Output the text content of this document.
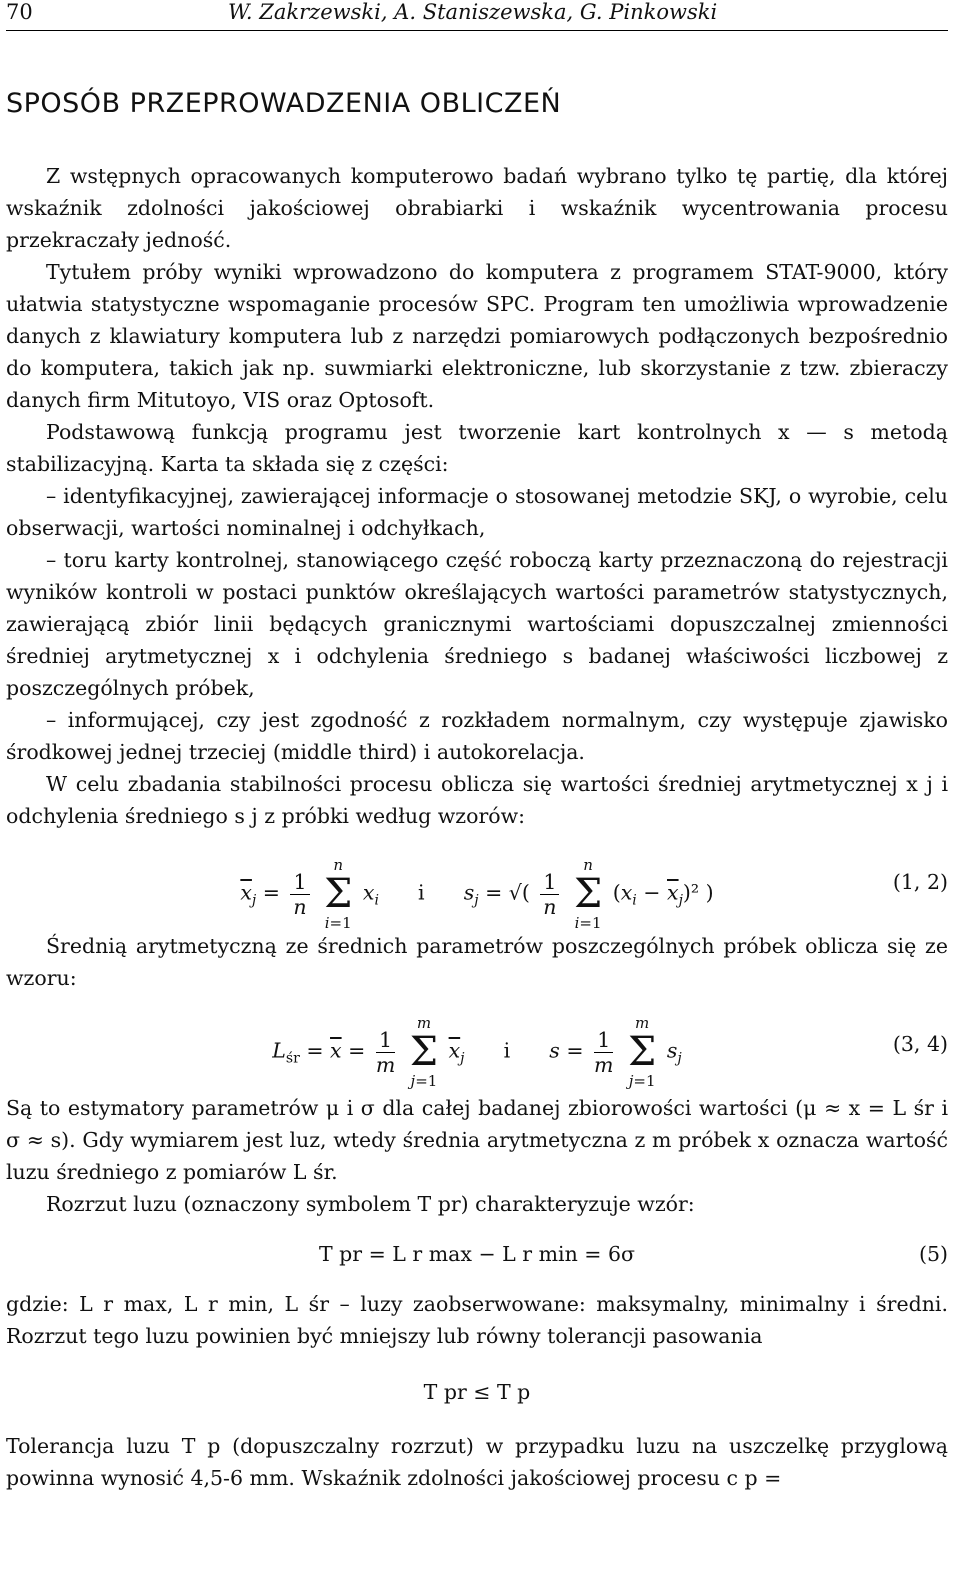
70	W. Zakrzewski, A. Staniszewska, G. Pinkowski
SPOSÓB PRZEPROWADZENIA OBLICZEŃ

Z wstępnych opracowanych komputerowo badań wybrano tylko tę partię, dla której wskaźnik zdolności jakościowej obrabiarki i wskaźnik wycentrowania procesu przekraczały jedność.

Tytułem próby wyniki wprowadzono do komputera z programem STAT-9000, który ułatwia statystyczne wspomaganie procesów SPC. Program ten umożliwia wprowadzenie danych z klawiatury komputera lub z narzędzi pomiarowych podłączonych bezpośrednio do komputera, takich jak np. suwmiarki elektroniczne, lub skorzystanie z tzw. zbieraczy danych firm Mitutoyo, VIS oraz Optosoft.

Podstawową funkcją programu jest tworzenie kart kontrolnych x — s metodą stabilizacyjną. Karta ta składa się z części:

– identyfikacyjnej, zawierającej informacje o stosowanej metodzie SKJ, o wyrobie, celu obserwacji, wartości nominalnej i odchyłkach,

– toru karty kontrolnej, stanowiącego część roboczą karty przeznaczoną do rejestracji wyników kontroli w postaci punktów określających wartości parametrów statystycznych, zawierającą zbiór linii będących granicznymi wartościami dopuszczalnej zmienności średniej arytmetycznej x i odchylenia średniego s badanej właściwości liczbowej z poszczególnych próbek,

– informującej, czy jest zgodność z rozkładem normalnym, czy występuje zjawisko środkowej jednej trzeciej (middle third) i autokorelacja.

W celu zbadania stabilności procesu oblicza się wartości średniej arytmetycznej x j i odchylenia średniego s j z próbki według wzorów:

$\overline{x}_j = \frac{1}{n}$

n
Σ
i=1
$x_i$      i      $s_j$ = √( $\frac{1}{n}$

n
Σ
i=1
$(x_i - \overline{x}_j)^2$ )	(1, 2)

Średnią arytmetyczną ze średnich parametrów poszczególnych próbek oblicza się ze wzoru:

$L_{śr} = \overline{x} = \frac{1}{m}$

m
Σ
j=1
$\overline{x}_j$      i      $s = \frac{1}{m}$

m
Σ
j=1
$s_j$
(3, 4)

Są to estymatory parametrów μ i σ dla całej badanej zbiorowości wartości (μ ≈ x = L śr i σ ≈ s). Gdy wymiarem jest luz, wtedy średnia arytmetyczna z m próbek x oznacza wartość luzu średniego z pomiarów L śr.

Rozrzut luzu (oznaczony symbolem T pr) charakteryzuje wzór:

T pr = L r max − L r min = 6σ	(5)

gdzie: L r max, L r min, L śr – luzy zaobserwowane: maksymalny, minimalny i średni. Rozrzut tego luzu powinien być mniejszy lub równy tolerancji pasowania

T pr ≤ T p

Tolerancja luzu T p (dopuszczalny rozrzut) w przypadku luzu na uszczelkę przyglową powinna wynosić 4,5-6 mm. Wskaźnik zdolności jakościowej procesu c p =
